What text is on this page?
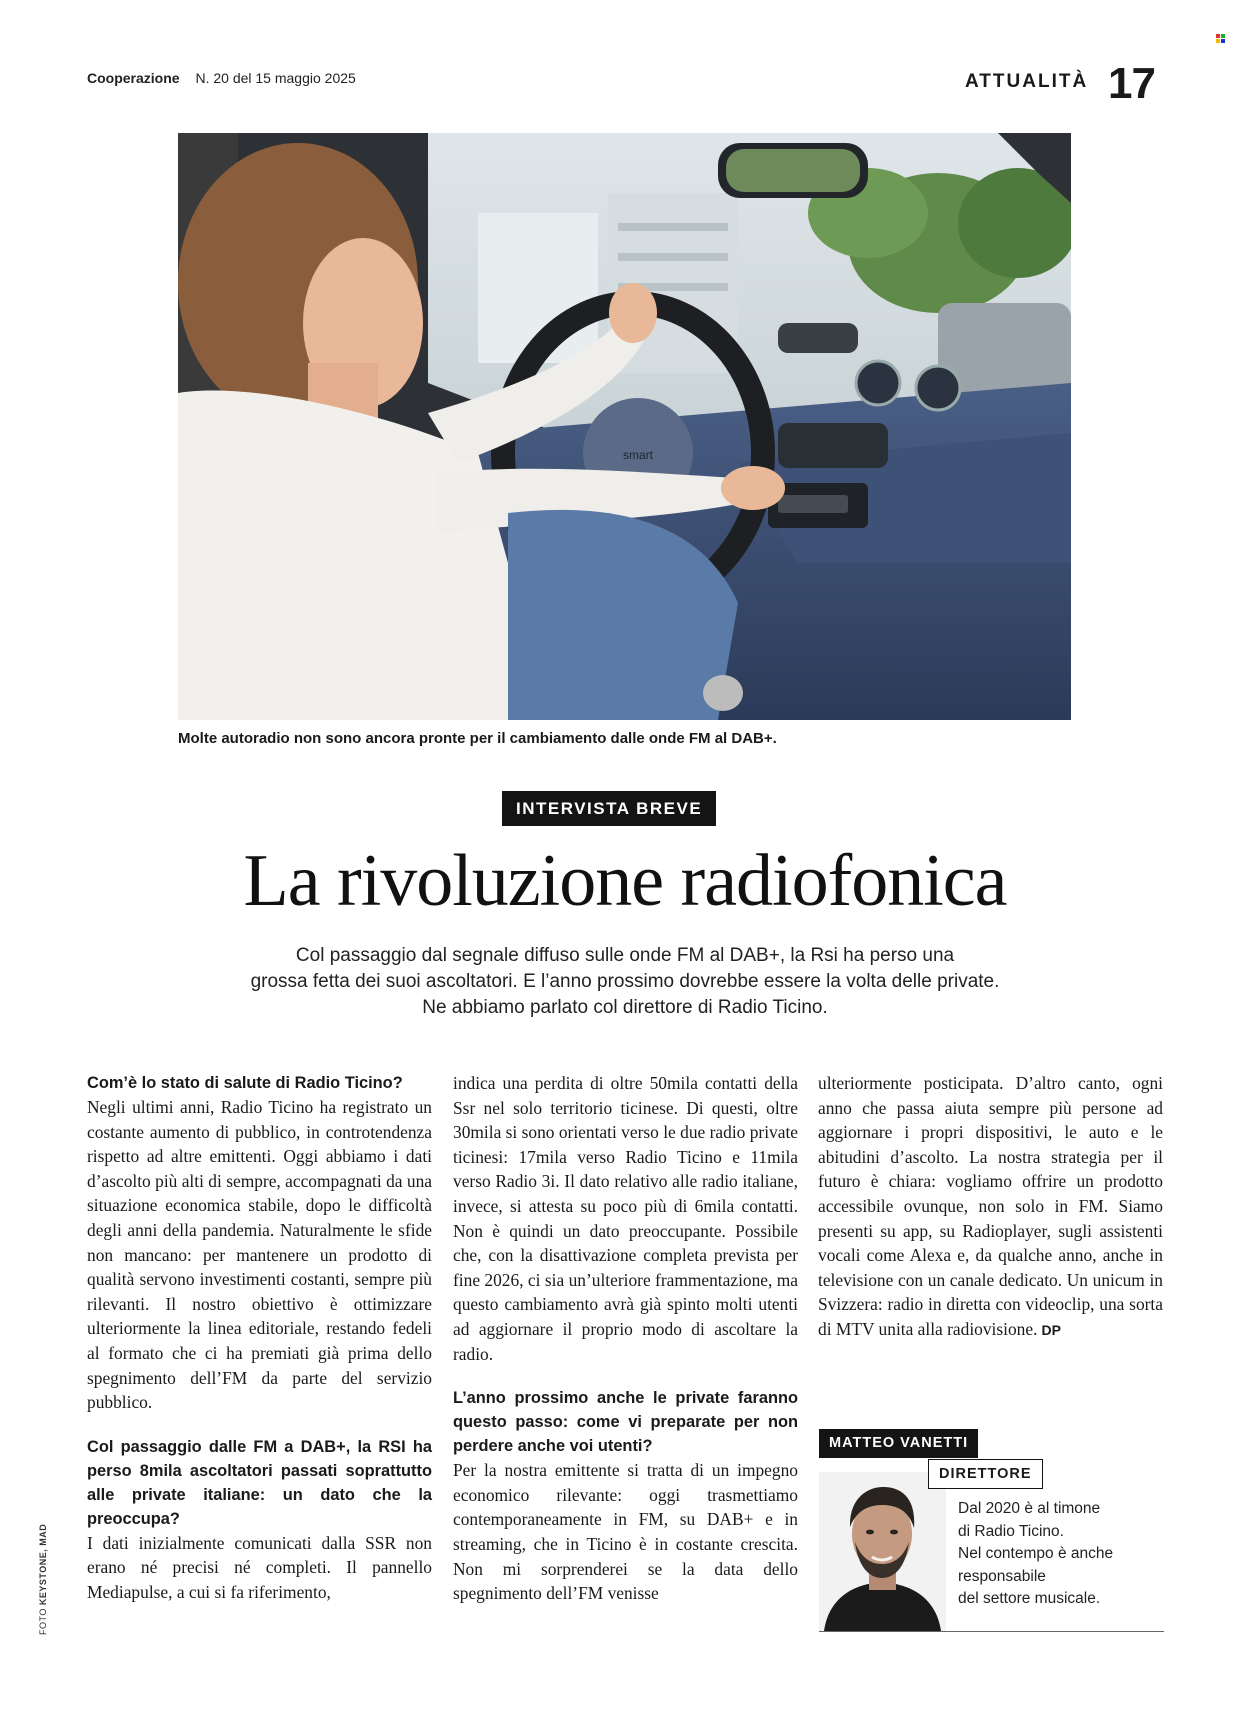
Cooperazione N. 20 del 15 maggio 2025	ATTUALITÀ 17
smart
Molte autoradio non sono ancora pronte per il cambiamento dalle onde FM al DAB+.
INTERVISTA BREVE
La rivoluzione radiofonica
Col passaggio dal segnale diffuso sulle onde FM al DAB+, la Rsi ha perso una
grossa fetta dei suoi ascoltatori. E l’anno prossimo dovrebbe essere la volta delle private.
Ne abbiamo parlato col direttore di Radio Ticino.

Com’è lo stato di salute di Radio Ticino?

Negli ultimi anni, Radio Ticino ha registrato un costante aumento di pubblico, in controtendenza rispetto ad altre emittenti. Oggi abbiamo i dati d’ascolto più alti di sempre, accompagnati da una situazione economica stabile, dopo le difficoltà degli anni della pandemia. Naturalmente le sfide non mancano: per mantenere un prodotto di qualità servono investimenti costanti, sempre più rilevanti. Il nostro obiettivo è ottimizzare ulteriormente la linea editoriale, restando fedeli al formato che ci ha premiati già prima dello spegnimento dell’FM da parte del servizio pubblico.

Col passaggio dalle FM a DAB+, la RSI ha perso 8mila ascoltatori passati soprattutto alle private italiane: un dato che la preoccupa?

I dati inizialmente comunicati dalla SSR non erano né precisi né completi. Il pannello Mediapulse, a cui si fa riferimento,

indica una perdita di oltre 50mila contatti della Ssr nel solo territorio ticinese. Di questi, oltre 30mila si sono orientati verso le due radio private ticinesi: 17mila verso Radio Ticino e 11mila verso Radio 3i. Il dato relativo alle radio italiane, invece, si attesta su poco più di 6mila contatti. Non è quindi un dato preoccupante. Possibile che, con la disattivazione completa prevista per fine 2026, ci sia un’ulteriore frammentazione, ma questo cambiamento avrà già spinto molti utenti ad aggiornare il proprio modo di ascoltare la radio.

L’anno prossimo anche le private faranno questo passo: come vi preparate per non perdere anche voi utenti?

Per la nostra emittente si tratta di un impegno economico rilevante: oggi trasmettiamo contemporaneamente in FM, su DAB+ e in streaming, che in Ticino è in costante crescita. Non mi sorprenderei se la data dello spegnimento dell’FM venisse

ulteriormente posticipata. D’altro canto, ogni anno che passa aiuta sempre più persone ad aggiornare i propri dispositivi, le auto e le abitudini d’ascolto. La nostra strategia per il futuro è chiara: vogliamo offrire un prodotto accessibile ovunque, non solo in FM. Siamo presenti su app, su Radioplayer, sugli assistenti vocali come Alexa e, da qualche anno, anche in televisione con un canale dedicato. Un unicum in Svizzera: radio in diretta con videoclip, una sorta di MTV unita alla radiovisione. DP

FOTO KEYSTONE, MAD
MATTEO VANETTI
DIRETTORE
Dal 2020 è al timone
di Radio Ticino.
Nel contempo è anche
responsabile
del settore musicale.
